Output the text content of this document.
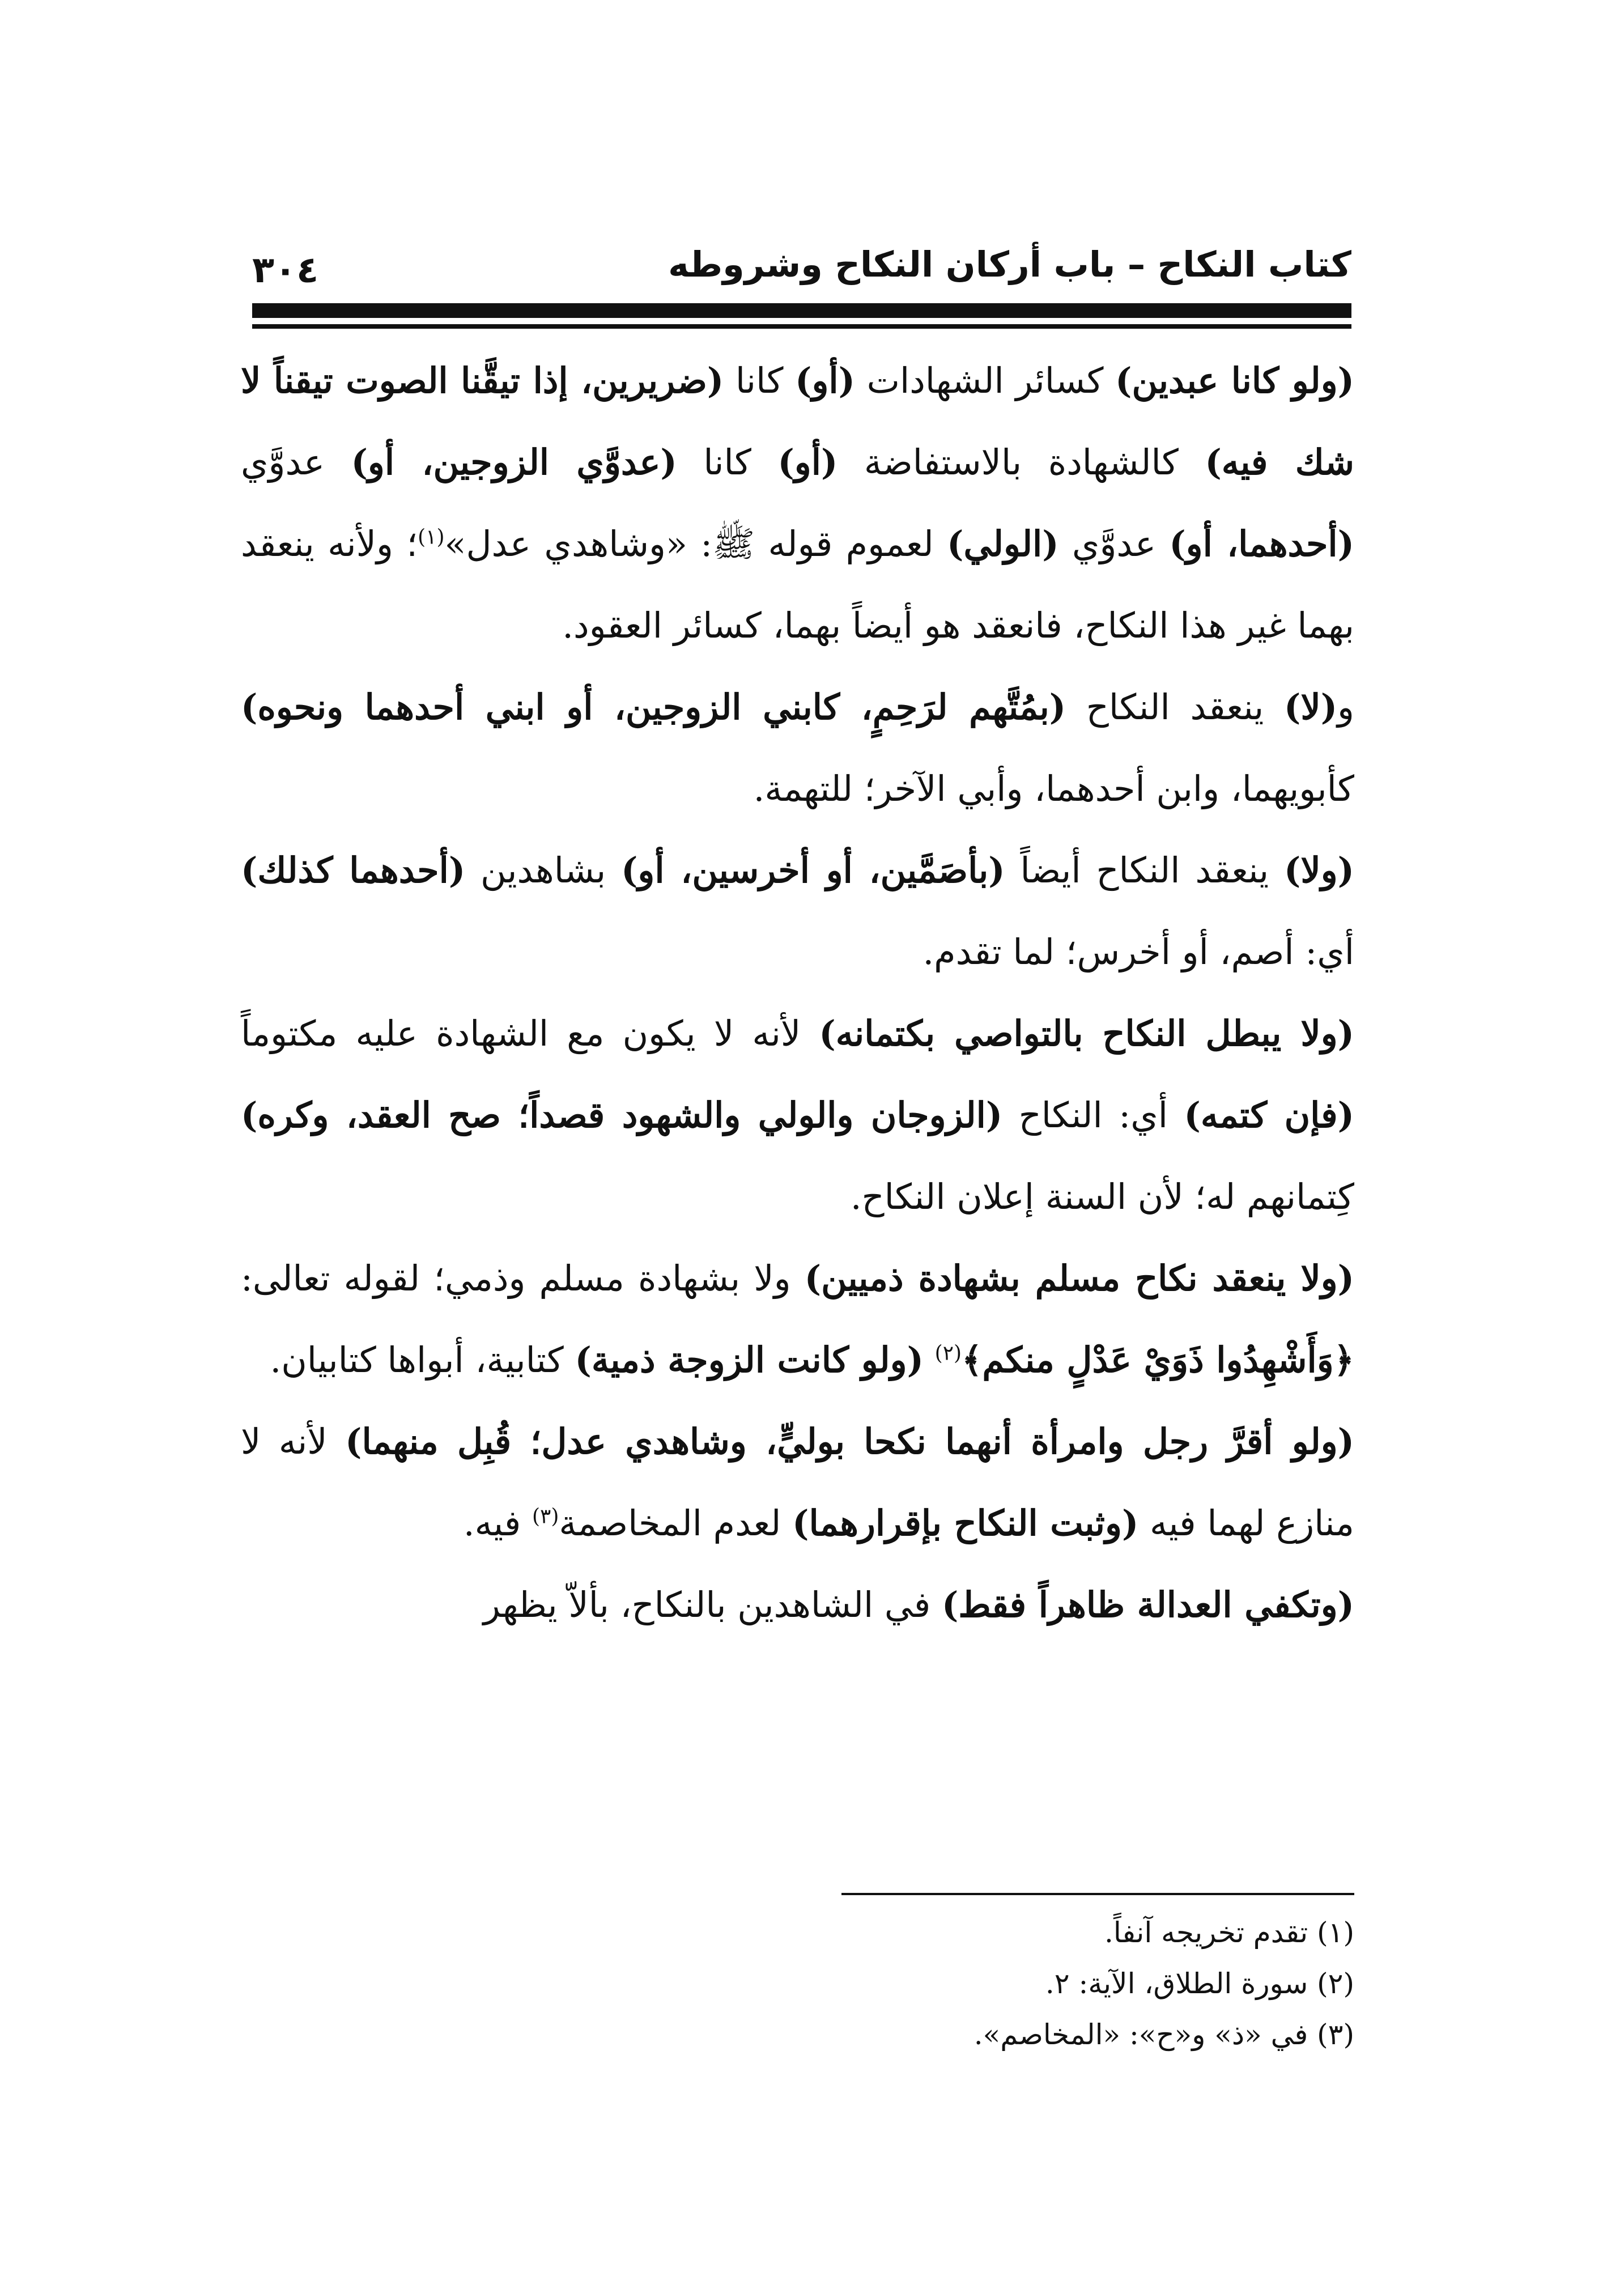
كتاب النكاح – باب أركان النكاح وشروطه
٣٠٤

(ولو كانا عبدين) كسائر الشهادات (أو) كانا (ضريرين، إذا تيقَّنا الصوت تيقناً لا شك فيه) كالشهادة بالاستفاضة (أو) كانا (عدوَّي الزوجين، أو) عدوَّي (أحدهما، أو) عدوَّي (الولي) لعموم قوله ﷺ: «وشاهدي عدل»$^{(١)}$؛ ولأنه ينعقد بهما غير هذا النكاح، فانعقد هو أيضاً بهما، كسائر العقود.

و(لا) ينعقد النكاح (بمُتَّهم لرَحِمٍ، كابني الزوجين، أو ابني أحدهما ونحوه) كأبويهما، وابن أحدهما، وأبي الآخر؛ للتهمة.

(ولا) ينعقد النكاح أيضاً (بأصَمَّين، أو أخرسين، أو) بشاهدين (أحدهما كذلك) أي: أصم، أو أخرس؛ لما تقدم.

(ولا يبطل النكاح بالتواصي بكتمانه) لأنه لا يكون مع الشهادة عليه مكتوماً (فإن كتمه) أي: النكاح (الزوجان والولي والشهود قصداً؛ صح العقد، وكره) كِتمانهم له؛ لأن السنة إعلان النكاح.

(ولا ينعقد نكاح مسلم بشهادة ذميين) ولا بشهادة مسلم وذمي؛ لقوله تعالى: ﴿وَأَشْهِدُوا ذَوَيْ عَدْلٍ منكم﴾$^{(٢)}$ (ولو كانت الزوجة ذمية) كتابية، أبواها كتابيان.

(ولو أقرَّ رجل وامرأة أنهما نكحا بوليٍّ، وشاهدي عدل؛ قُبِل منهما) لأنه لا منازع لهما فيه (وثبت النكاح بإقرارهما) لعدم المخاصمة$^{(٣)}$ فيه.

(وتكفي العدالة ظاهراً فقط) في الشاهدين بالنكاح، بألاّ يظهر

(١) تقدم تخريجه آنفاً.

(٢) سورة الطلاق، الآية: ٢.

(٣) في «ذ» و«ح»: «المخاصم».
